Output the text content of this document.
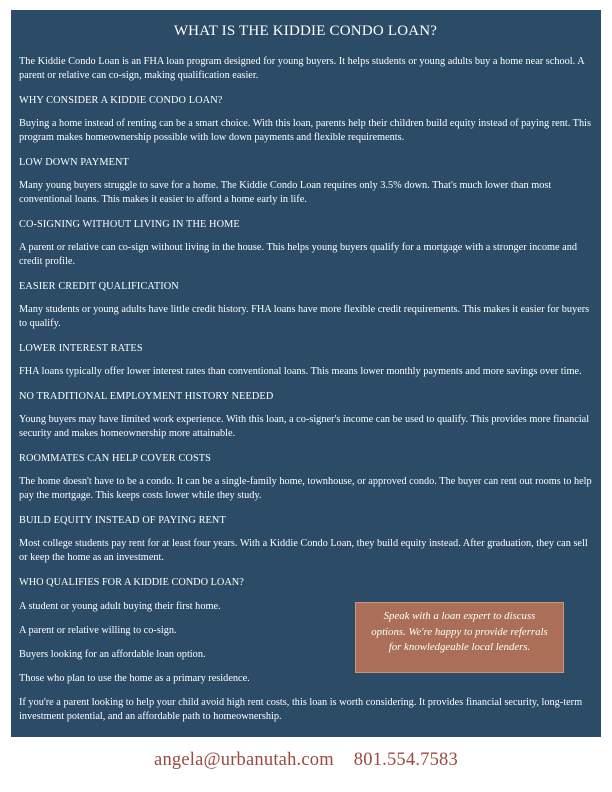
WHAT IS THE KIDDIE CONDO LOAN?
The Kiddie Condo Loan is an FHA loan program designed for young buyers. It helps students or young adults buy a home near school. A parent or relative can co-sign, making qualification easier.
WHY CONSIDER A KIDDIE CONDO LOAN?
Buying a home instead of renting can be a smart choice. With this loan, parents help their children build equity instead of paying rent. This program makes homeownership possible with low down payments and flexible requirements.
LOW DOWN PAYMENT
Many young buyers struggle to save for a home. The Kiddie Condo Loan requires only 3.5% down. That's much lower than most conventional loans. This makes it easier to afford a home early in life.
CO-SIGNING WITHOUT LIVING IN THE HOME
A parent or relative can co-sign without living in the house. This helps young buyers qualify for a mortgage with a stronger income and credit profile.
EASIER CREDIT QUALIFICATION
Many students or young adults have little credit history. FHA loans have more flexible credit requirements. This makes it easier for buyers to qualify.
LOWER INTEREST RATES
FHA loans typically offer lower interest rates than conventional loans. This means lower monthly payments and more savings over time.
NO TRADITIONAL EMPLOYMENT HISTORY NEEDED
Young buyers may have limited work experience. With this loan, a co-signer's income can be used to qualify. This provides more financial security and makes homeownership more attainable.
ROOMMATES CAN HELP COVER COSTS
The home doesn't have to be a condo. It can be a single-family home, townhouse, or approved condo. The buyer can rent out rooms to help pay the mortgage. This keeps costs lower while they study.
BUILD EQUITY INSTEAD OF PAYING RENT
Most college students pay rent for at least four years. With a Kiddie Condo Loan, they build equity instead. After graduation, they can sell or keep the home as an investment.
WHO QUALIFIES FOR A KIDDIE CONDO LOAN?
A student or young adult buying their first home.
A parent or relative willing to co-sign.
Buyers looking for an affordable loan option.
Those who plan to use the home as a primary residence.
Speak with a loan expert to discuss options. We're happy to provide referrals for knowledgeable local lenders.
If you're a parent looking to help your child avoid high rent costs, this loan is worth considering. It provides financial security, long-term investment potential, and an affordable path to homeownership.
angela@urbanutah.com 801.554.7583
